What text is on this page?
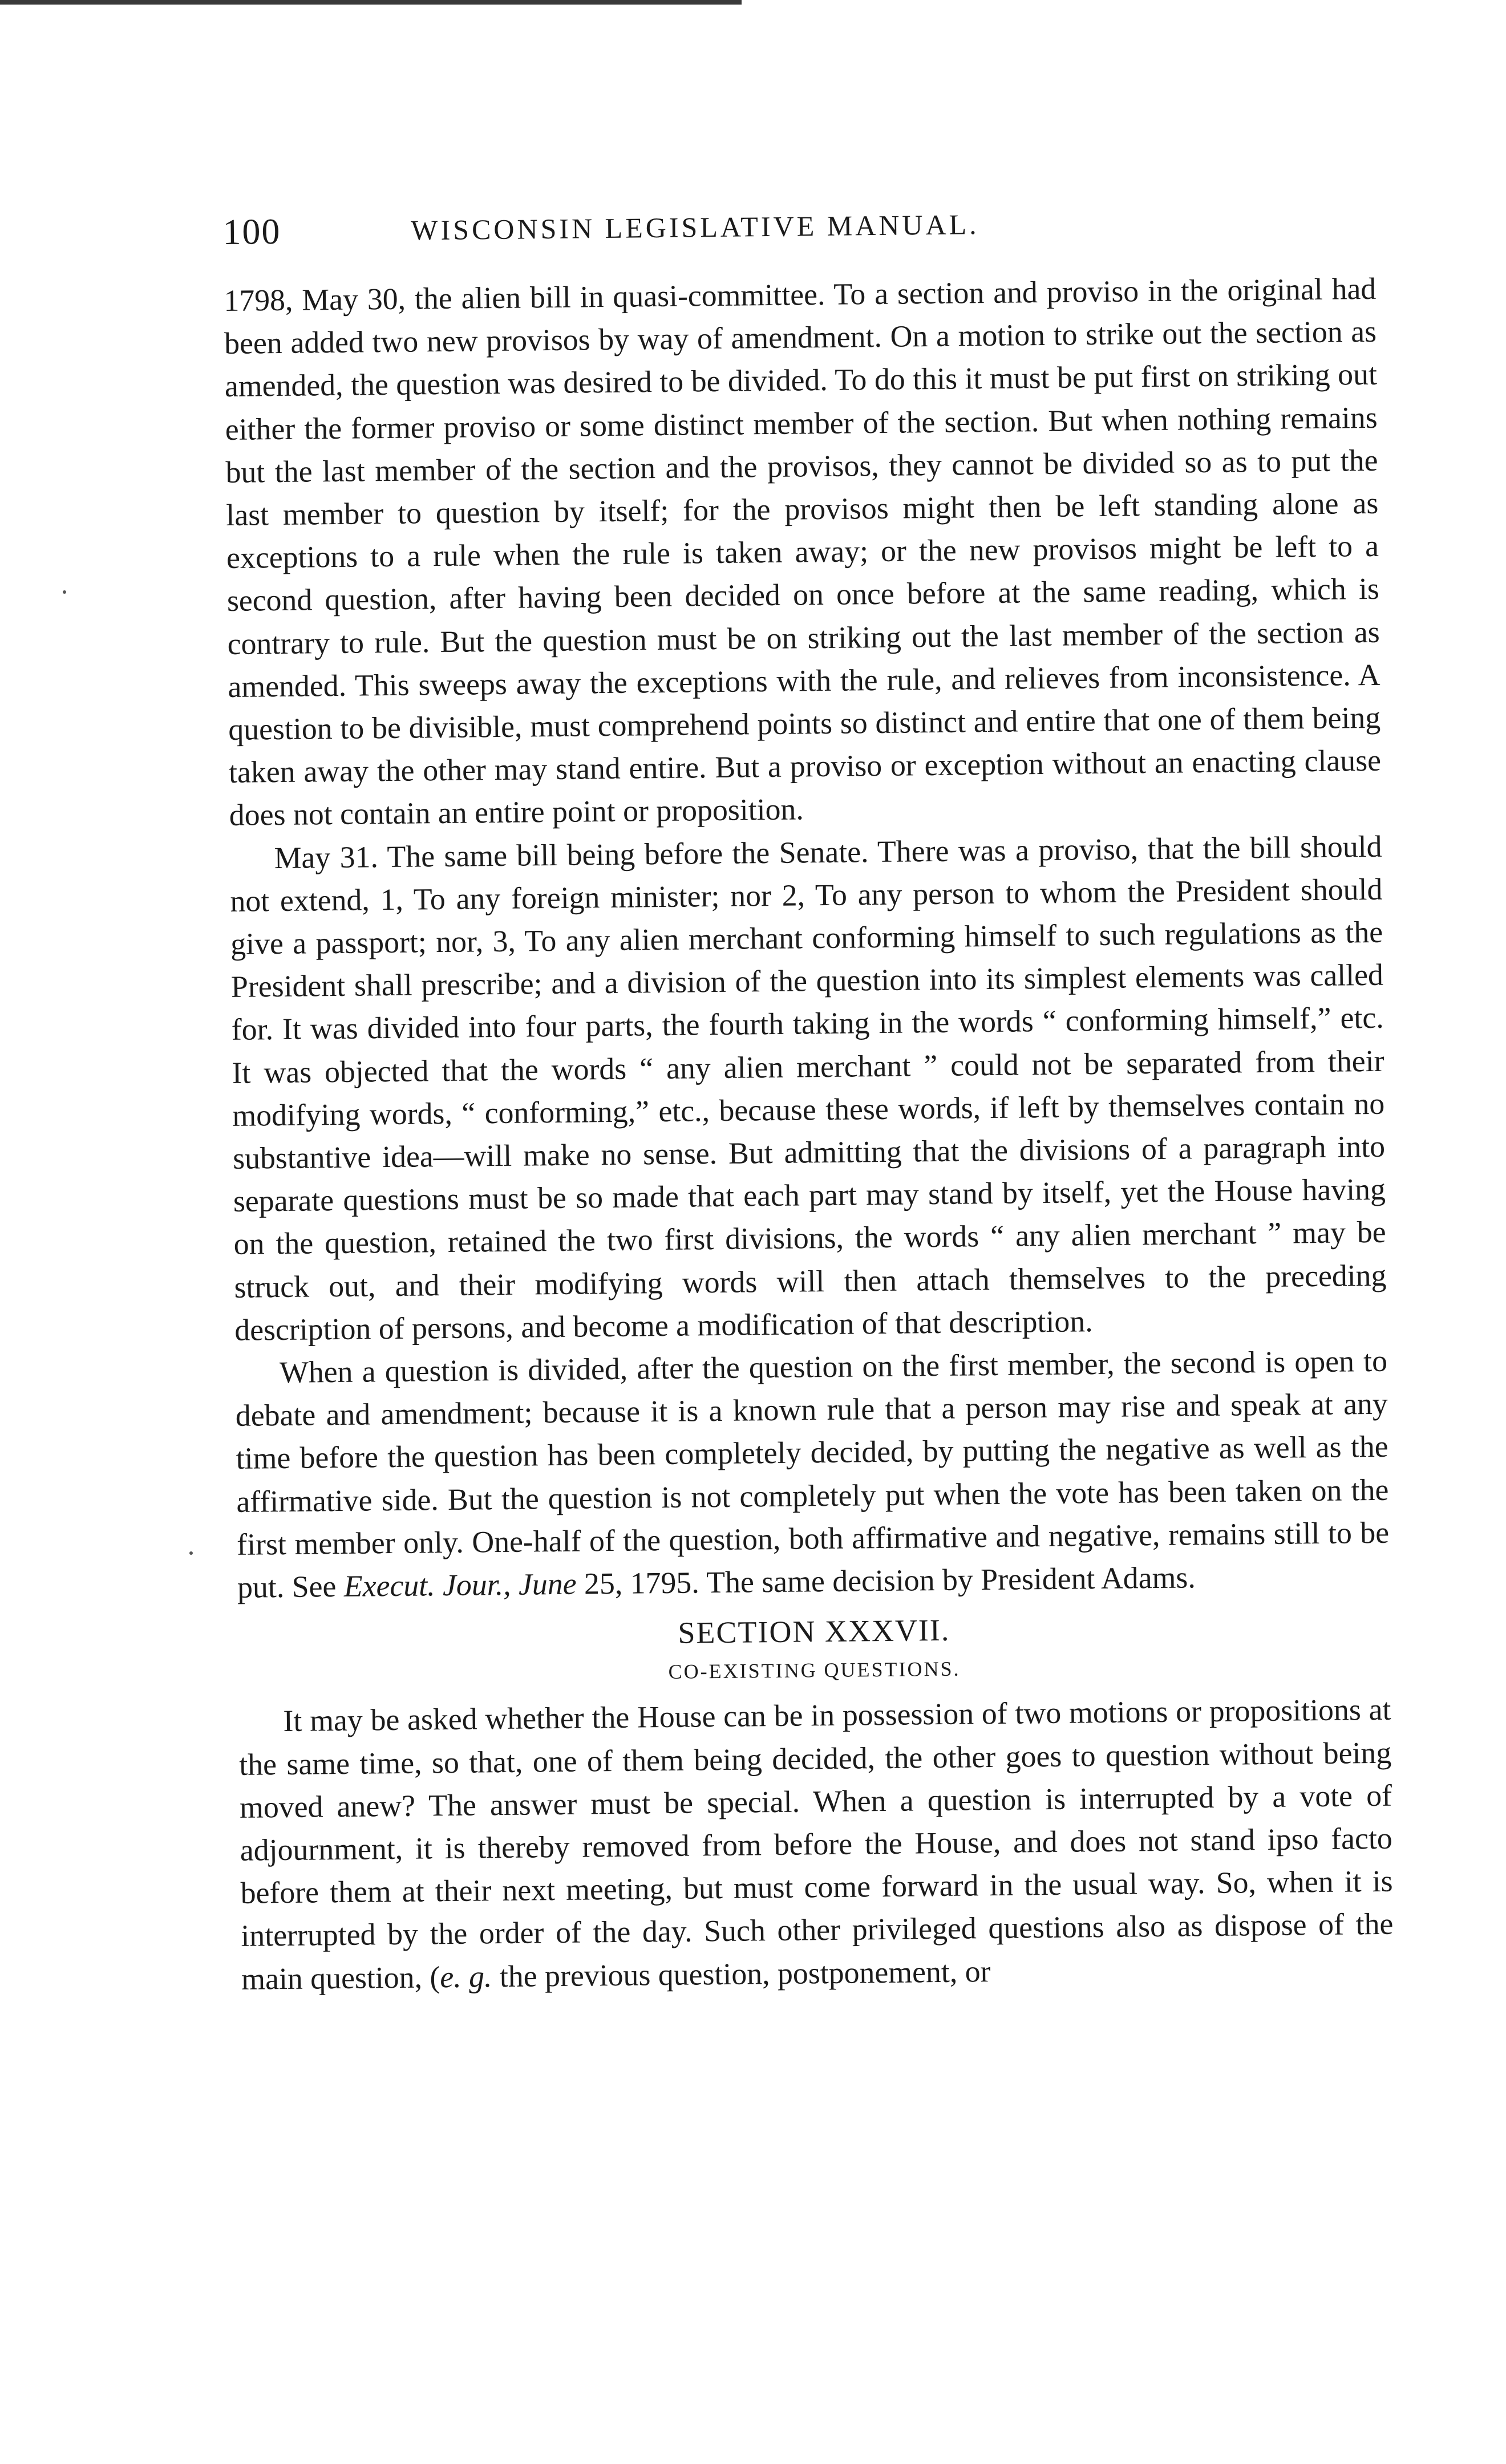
100	WISCONSIN LEGISLATIVE MANUAL.

1798, May 30, the alien bill in quasi-committee. To a section and proviso in the original had been added two new provisos by way of amendment. On a motion to strike out the section as amended, the question was desired to be divided. To do this it must be put first on striking out either the former proviso or some distinct member of the section. But when nothing remains but the last member of the section and the provisos, they cannot be divided so as to put the last member to question by itself; for the provisos might then be left standing alone as exceptions to a rule when the rule is taken away; or the new provisos might be left to a second question, after having been decided on once before at the same reading, which is contrary to rule. But the question must be on striking out the last member of the section as amended. This sweeps away the exceptions with the rule, and relieves from inconsistence. A question to be divisible, must comprehend points so distinct and entire that one of them being taken away the other may stand entire. But a proviso or exception without an enacting clause does not contain an entire point or proposition.

May 31. The same bill being before the Senate. There was a proviso, that the bill should not extend, 1, To any foreign minister; nor 2, To any person to whom the President should give a passport; nor, 3, To any alien merchant conforming himself to such regulations as the President shall prescribe; and a division of the question into its simplest elements was called for. It was divided into four parts, the fourth taking in the words “ conforming himself,” etc. It was objected that the words “ any alien merchant ” could not be separated from their modifying words, “ conforming,” etc., because these words, if left by themselves contain no substantive idea—will make no sense. But admitting that the divisions of a paragraph into separate questions must be so made that each part may stand by itself, yet the House having on the question, retained the two first divisions, the words “ any alien merchant ” may be struck out, and their modifying words will then attach themselves to the preceding description of persons, and become a modification of that description.

When a question is divided, after the question on the first member, the second is open to debate and amendment; because it is a known rule that a person may rise and speak at any time before the question has been completely decided, by putting the negative as well as the affirmative side. But the question is not completely put when the vote has been taken on the first member only. One-half of the question, both affirmative and negative, remains still to be put. See Execut. Jour., June 25, 1795. The same decision by President Adams.

SECTION XXXVII.
CO-EXISTING QUESTIONS.

It may be asked whether the House can be in possession of two motions or propositions at the same time, so that, one of them being decided, the other goes to question without being moved anew? The answer must be special. When a question is interrupted by a vote of adjournment, it is thereby removed from before the House, and does not stand ipso facto before them at their next meeting, but must come forward in the usual way. So, when it is interrupted by the order of the day. Such other privileged questions also as dispose of the main question, (e. g. the previous question, postponement, or
